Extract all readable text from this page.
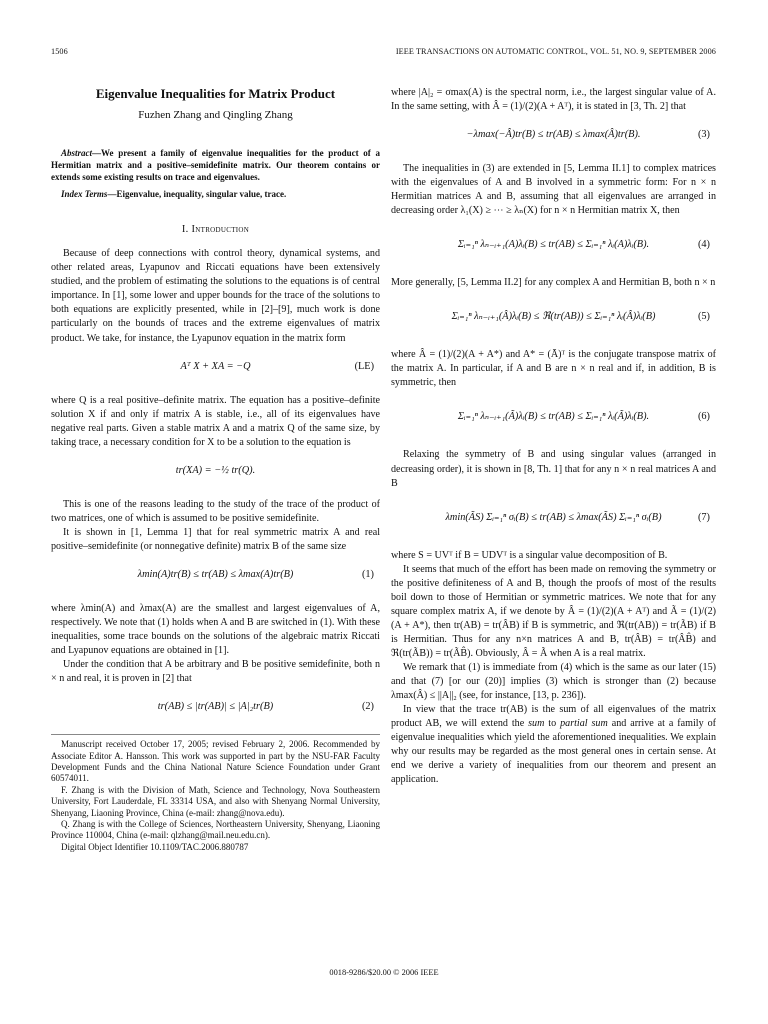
1506	IEEE TRANSACTIONS ON AUTOMATIC CONTROL, VOL. 51, NO. 9, SEPTEMBER 2006

Eigenvalue Inequalities for Matrix Product

Fuzhen Zhang and Qingling Zhang

Abstract—We present a family of eigenvalue inequalities for the product of a Hermitian matrix and a positive–semidefinite matrix. Our theorem contains or extends some existing results on trace and eigenvalues.

Index Terms—Eigenvalue, inequality, singular value, trace.

I. Introduction

Because of deep connections with control theory, dynamical systems, and other related areas, Lyapunov and Riccati equations have been extensively studied, and the problem of estimating the solutions to the equations is of central importance. In [1], some lower and upper bounds for the trace of the solutions to both equations are explicitly presented, while in [2]–[9], much work is done particularly on the bounds of traces and the extreme eigenvalues of matrix product. We take, for instance, the Lyapunov equation in the matrix form

Aᵀ X + XA = −Q	(LE)

where Q is a real positive–definite matrix. The equation has a positive–definite solution X if and only if matrix A is stable, i.e., all of its eigenvalues have negative real parts. Given a stable matrix A and a matrix Q of the same size, by taking trace, a necessary condition for X to be a solution to the equation is

tr(XA) = −½ tr(Q).

This is one of the reasons leading to the study of the trace of the product of two matrices, one of which is assumed to be positive semidefinite.

It is shown in [1, Lemma 1] that for real symmetric matrix A and real positive–semidefinite (or nonnegative definite) matrix B of the same size

λmin(A)tr(B) ≤ tr(AB) ≤ λmax(A)tr(B)	(1)

where λmin(A) and λmax(A) are the smallest and largest eigenvalues of A, respectively. We note that (1) holds when A and B are switched in (1). With these inequalities, some trace bounds on the solutions of the algebraic matrix Riccati and Lyapunov equations are obtained in [1].

Under the condition that A be arbitrary and B be positive semidefinite, both n × n and real, it is proven in [2] that

tr(AB) ≤ |tr(AB)| ≤ |A|₂tr(B)	(2)

Manuscript received October 17, 2005; revised February 2, 2006. Recommended by Associate Editor A. Hansson. This work was supported in part by the NSU-FAR Faculty Development Funds and the China National Nature Science Foundation under Grant 60574011.

F. Zhang is with the Division of Math, Science and Technology, Nova Southeastern University, Fort Lauderdale, FL 33314 USA, and also with Shenyang Normal University, Shenyang, Liaoning Province, China (e-mail: zhang@nova.edu).

Q. Zhang is with the College of Sciences, Northeastern University, Shenyang, Liaoning Province 110004, China (e-mail: qlzhang@mail.neu.edu.cn).

Digital Object Identifier 10.1109/TAC.2006.880787

where |A|₂ = σmax(A) is the spectral norm, i.e., the largest singular value of A. In the same setting, with Â = (1)/(2)(A + Aᵀ), it is stated in [3, Th. 2] that

−λmax(−Â)tr(B) ≤ tr(AB) ≤ λmax(Â)tr(B).	(3)

The inequalities in (3) are extended in [5, Lemma II.1] to complex matrices with the eigenvalues of A and B involved in a symmetric form: For n × n Hermitian matrices A and B, assuming that all eigenvalues are arranged in decreasing order λ₁(X) ≥ ⋯ ≥ λₙ(X) for n × n Hermitian matrix X, then

Σᵢ₌₁ⁿ λₙ₋ᵢ₊₁(A)λᵢ(B) ≤ tr(AB) ≤ Σᵢ₌₁ⁿ λᵢ(A)λᵢ(B).	(4)

More generally, [5, Lemma II.2] for any complex A and Hermitian B, both n × n

Σᵢ₌₁ⁿ λₙ₋ᵢ₊₁(Â)λᵢ(B) ≤ ℜ(tr(AB)) ≤ Σᵢ₌₁ⁿ λᵢ(Â)λᵢ(B)	(5)

where Â = (1)/(2)(A + A*) and A* = (Ā)ᵀ is the conjugate transpose matrix of the matrix A. In particular, if A and B are n × n real and if, in addition, B is symmetric, then

Σᵢ₌₁ⁿ λₙ₋ᵢ₊₁(Ã)λᵢ(B) ≤ tr(AB) ≤ Σᵢ₌₁ⁿ λᵢ(Ã)λᵢ(B).	(6)

Relaxing the symmetry of B and using singular values (arranged in decreasing order), it is shown in [8, Th. 1] that for any n × n real matrices A and B

λmin(ÃS) Σᵢ₌₁ⁿ σᵢ(B) ≤ tr(AB) ≤ λmax(ÃS) Σᵢ₌₁ⁿ σᵢ(B)	(7)

where S = UVᵀ if B = UDVᵀ is a singular value decomposition of B.

It seems that much of the effort has been made on removing the symmetry or the positive definiteness of A and B, though the proofs of most of the results boil down to those of Hermitian or symmetric matrices. We note that for any square complex matrix A, if we denote by Â = (1)/(2)(A + Aᵀ) and Ã = (1)/(2)(A + A*), then tr(AB) = tr(ÂB) if B is symmetric, and ℜ(tr(AB)) = tr(ÃB) if B is Hermitian. Thus for any n×n matrices A and B, tr(ÂB) = tr(ÂB̂) and ℜ(tr(ÃB)) = tr(ÃB̂). Obviously, Â = Ã when A is a real matrix.

We remark that (1) is immediate from (4) which is the same as our later (15) and that (7) [or our (20)] implies (3) which is stronger than (2) because λmax(Â) ≤ ||A||₂ (see, for instance, [13, p. 236]).

In view that the trace tr(AB) is the sum of all eigenvalues of the matrix product AB, we will extend the sum to partial sum and arrive at a family of eigenvalue inequalities which yield the aforementioned inequalities. We explain why our results may be regarded as the most general ones in certain sense. At end we derive a variety of inequalities from our theorem and present an application.

0018-9286/$20.00 © 2006 IEEE
